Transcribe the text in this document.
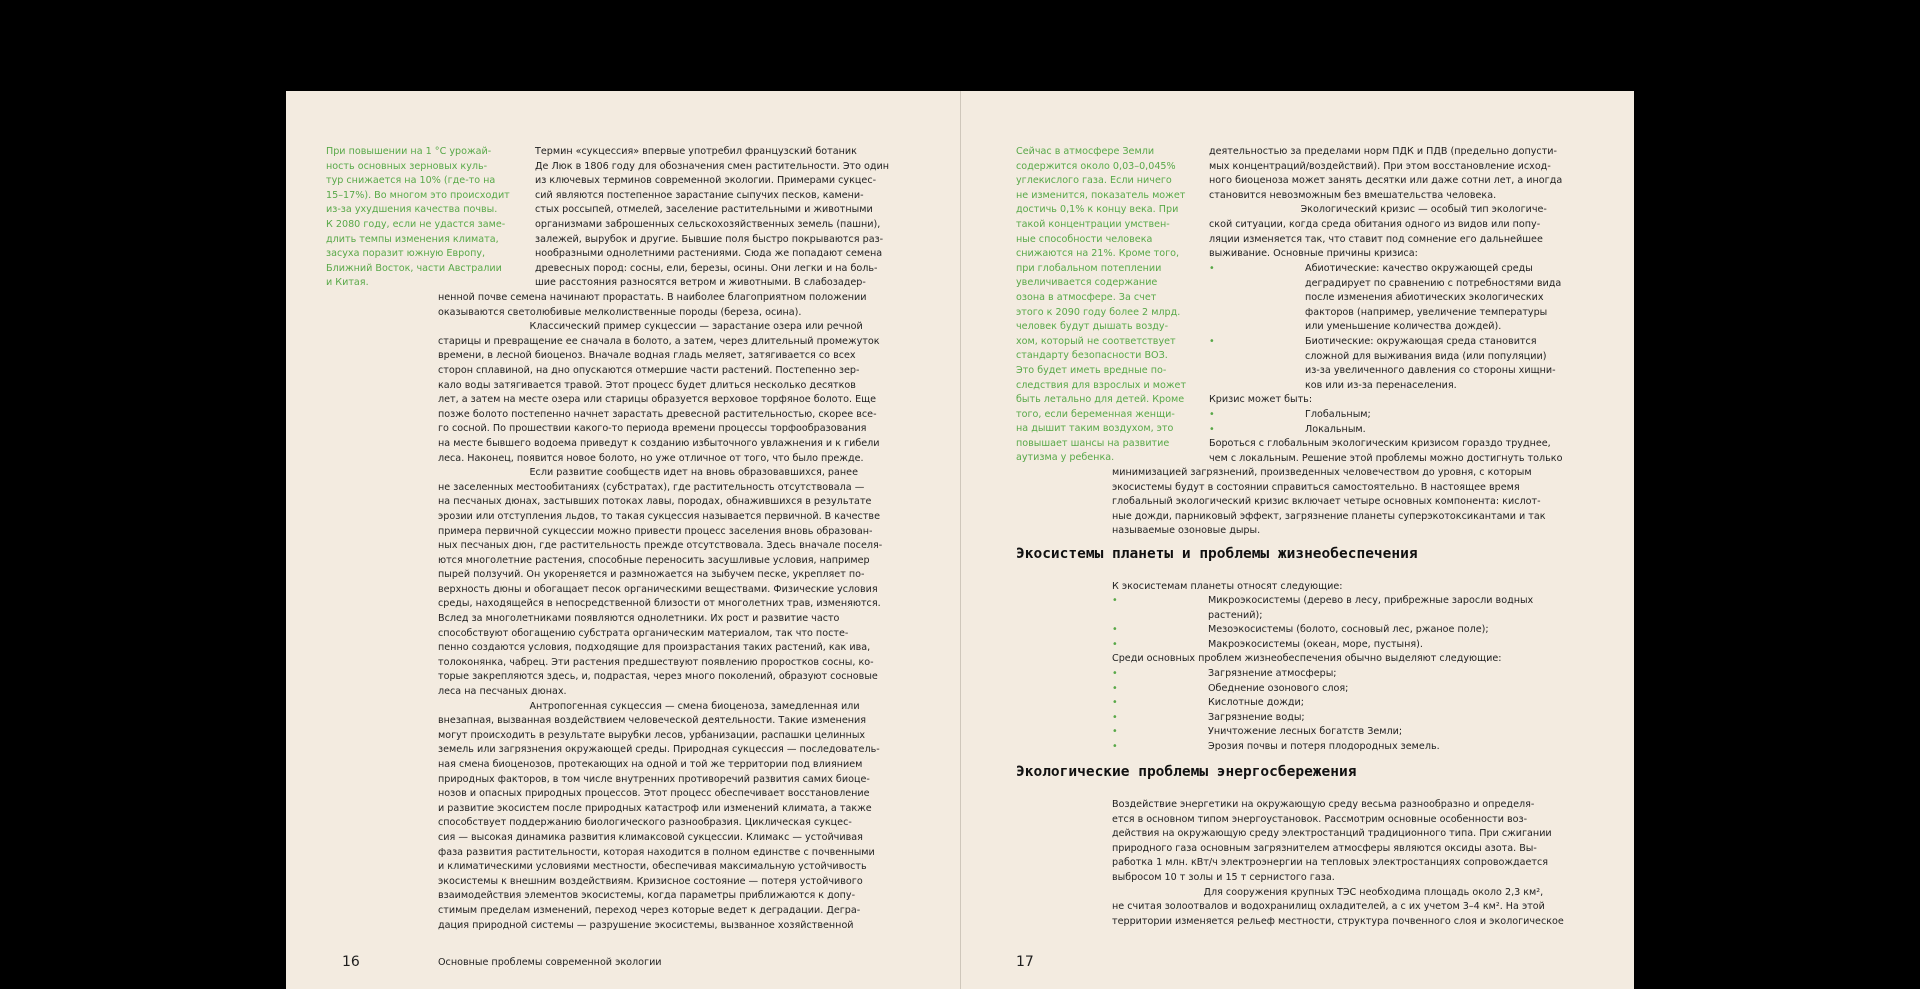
При повышении на 1 °С урожай-
ность основных зерновых куль-
тур снижается на 10% (где-то на
15–17%). Во многом это происходит
из-за ухудшения качества почвы.
К 2080 году, если не удастся заме-
длить темпы изменения климата,
засуха поразит южную Европу,
Ближний Восток, части Австралии
и Китая.
Термин «сукцессия» впервые употребил французский ботаник
Де Люк в 1806 году для обозначения смен растительности. Это один
из ключевых терминов современной экологии. Примерами сукцес-
сий являются постепенное зарастание сыпучих песков, камени-
стых россыпей, отмелей, заселение растительными и животными
организмами заброшенных сельскохозяйственных земель (пашни),
залежей, вырубок и другие. Бывшие поля быстро покрываются раз-
нообразными однолетними растениями. Сюда же попадают семена
древесных пород: сосны, ели, березы, осины. Они легки и на боль-
шие расстояния разносятся ветром и животными. В слабозадер-
ненной почве семена начинают прорастать. В наиболее благоприятном положении
оказываются светолюбивые мелколиственные породы (береза, осина).
Классический пример сукцессии — зарастание озера или речной
старицы и превращение ее сначала в болото, а затем, через длительный промежуток
времени, в лесной биоценоз. Вначале водная гладь меляет, затягивается со всех
сторон сплавиной, на дно опускаются отмершие части растений. Постепенно зер-
кало воды затягивается травой. Этот процесс будет длиться несколько десятков
лет, а затем на месте озера или старицы образуется верховое торфяное болото. Еще
позже болото постепенно начнет зарастать древесной растительностью, скорее все-
го сосной. По прошествии какого-то периода времени процессы торфообразования
на месте бывшего водоема приведут к созданию избыточного увлажнения и к гибели
леса. Наконец, появится новое болото, но уже отличное от того, что было прежде.
Если развитие сообществ идет на вновь образовавшихся, ранее
не заселенных местообитаниях (субстратах), где растительность отсутствовала —
на песчаных дюнах, застывших потоках лавы, породах, обнажившихся в результате
эрозии или отступления льдов, то такая сукцессия называется первичной. В качестве
примера первичной сукцессии можно привести процесс заселения вновь образован-
ных песчаных дюн, где растительность прежде отсутствовала. Здесь вначале поселя-
ются многолетние растения, способные переносить засушливые условия, например
пырей ползучий. Он укореняется и размножается на зыбучем песке, укрепляет по-
верхность дюны и обогащает песок органическими веществами. Физические условия
среды, находящейся в непосредственной близости от многолетних трав, изменяются.
Вслед за многолетниками появляются однолетники. Их рост и развитие часто
способствуют обогащению субстрата органическим материалом, так что посте-
пенно создаются условия, подходящие для произрастания таких растений, как ива,
толоконянка, чабрец. Эти растения предшествуют появлению проростков сосны, ко-
торые закрепляются здесь, и, подрастая, через много поколений, образуют сосновые
леса на песчаных дюнах.
Антропогенная сукцессия — смена биоценоза, замедленная или
внезапная, вызванная воздействием человеческой деятельности. Такие изменения
могут происходить в результате вырубки лесов, урбанизации, распашки целинных
земель или загрязнения окружающей среды. Природная сукцессия — последователь-
ная смена биоценозов, протекающих на одной и той же территории под влиянием
природных факторов, в том числе внутренних противоречий развития самих биоце-
нозов и опасных природных процессов. Этот процесс обеспечивает восстановление
и развитие экосистем после природных катастроф или изменений климата, а также
способствует поддержанию биологического разнообразия. Циклическая сукцес-
сия — высокая динамика развития климаксовой сукцессии. Климакс — устойчивая
фаза развития растительности, которая находится в полном единстве с почвенными
и климатическими условиями местности, обеспечивая максимальную устойчивость
экосистемы к внешним воздействиям. Кризисное состояние — потеря устойчивого
взаимодействия элементов экосистемы, когда параметры приближаются к допу-
стимым пределам изменений, переход через которые ведет к деградации. Дегра-
дация природной системы — разрушение экосистемы, вызванное хозяйственной
16	Основные проблемы современной экологии
Сейчас в атмосфере Земли
содержится около 0,03–0,045%
углекислого газа. Если ничего
не изменится, показатель может
достичь 0,1% к концу века. При
такой концентрации умствен-
ные способности человека
снижаются на 21%. Кроме того,
при глобальном потеплении
увеличивается содержание
озона в атмосфере. За счет
этого к 2090 году более 2 млрд.
человек будут дышать возду-
хом, который не соответствует
стандарту безопасности ВОЗ.
Это будет иметь вредные по-
следствия для взрослых и может
быть летально для детей. Кроме
того, если беременная женщи-
на дышит таким воздухом, это
повышает шансы на развитие
аутизма у ребенка.
деятельностью за пределами норм ПДК и ПДВ (предельно допусти-
мых концентраций/воздействий). При этом восстановление исход-
ного биоценоза может занять десятки или даже сотни лет, а иногда
становится невозможным без вмешательства человека.
Экологический кризис — особый тип экологиче-
ской ситуации, когда среда обитания одного из видов или попу-
ляции изменяется так, что ставит под сомнение его дальнейшее
выживание. Основные причины кризиса:
•	Абиотические: качество окружающей среды
деградирует по сравнению с потребностями вида
после изменения абиотических экологических
факторов (например, увеличение температуры
или уменьшение количества дождей).
•	Биотические: окружающая среда становится
сложной для выживания вида (или популяции)
из-за увеличенного давления со стороны хищни-
ков или из-за перенаселения.
Кризис может быть:
•	Глобальным;
•	Локальным.
Бороться с глобальным экологическим кризисом гораздо труднее,
чем с локальным. Решение этой проблемы можно достигнуть только
минимизацией загрязнений, произведенных человечеством до уровня, с которым
экосистемы будут в состоянии справиться самостоятельно. В настоящее время
глобальный экологический кризис включает четыре основных компонента: кислот-
ные дожди, парниковый эффект, загрязнение планеты суперэкотоксикантами и так
называемые озоновые дыры.
Экосистемы планеты и проблемы жизнеобеспечения
К экосистемам планеты относят следующие:
•	Микроэкосистемы (дерево в лесу, прибрежные заросли водных
растений);
•	Мезоэкосистемы (болото, сосновый лес, ржаное поле);
•	Макроэкосистемы (океан, море, пустыня).
Среди основных проблем жизнеобеспечения обычно выделяют следующие:
•	Загрязнение атмосферы;
•	Обеднение озонового слоя;
•	Кислотные дожди;
•	Загрязнение воды;
•	Уничтожение лесных богатств Земли;
•	Эрозия почвы и потеря плодородных земель.
Экологические проблемы энергосбережения
Воздействие энергетики на окружающую среду весьма разнообразно и определя-
ется в основном типом энергоустановок. Рассмотрим основные особенности воз-
действия на окружающую среду электростанций традиционного типа. При сжигании
природного газа основным загрязнителем атмосферы являются оксиды азота. Вы-
работка 1 млн. кВт/ч электроэнергии на тепловых электростанциях сопровождается
выбросом 10 т золы и 15 т сернистого газа.
Для сооружения крупных ТЭС необходима площадь около 2,3 км²,
не считая золоотвалов и водохранилищ охладителей, а с их учетом 3–4 км². На этой
территории изменяется рельеф местности, структура почвенного слоя и экологическое
17
